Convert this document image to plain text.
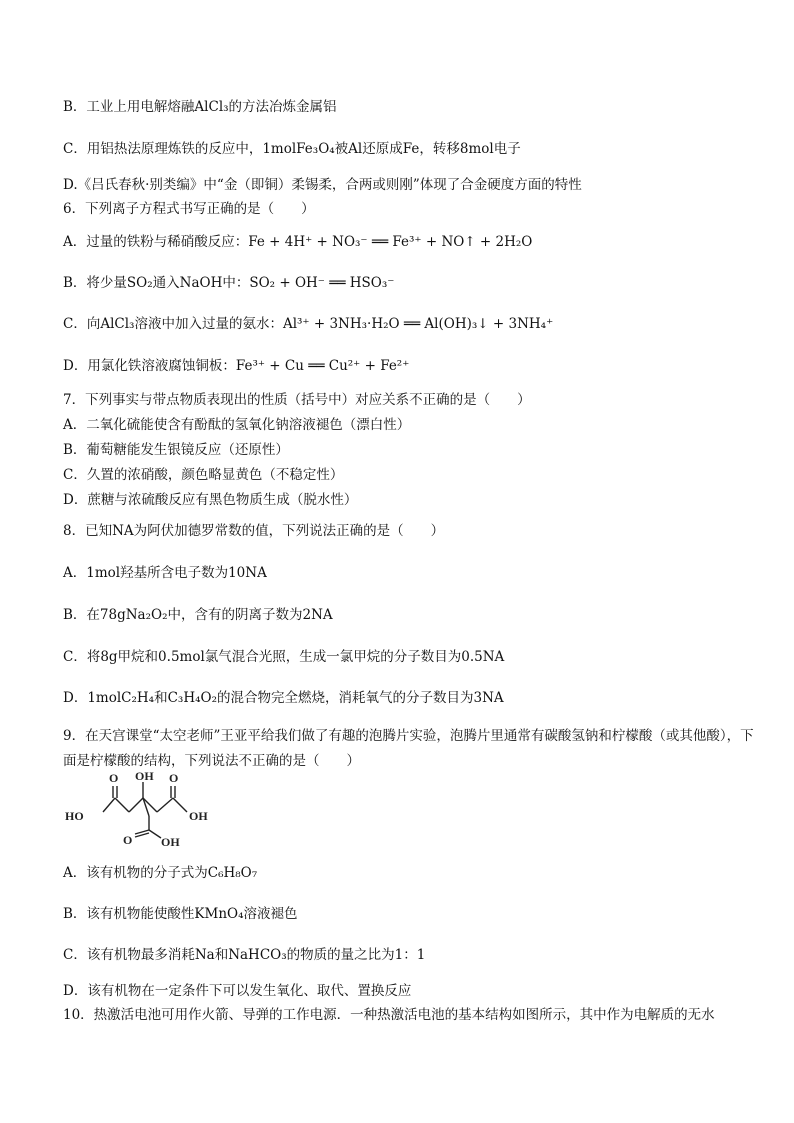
B．工业上用电解熔融AlCl₃的方法冶炼金属铝
C．用铝热法原理炼铁的反应中，1molFe₃O₄被Al还原成Fe，转移8mol电子
D.《吕氏春秋·别类编》中“金（即铜）柔锡柔，合两或则刚”体现了合金硬度方面的特性
6．下列离子方程式书写正确的是（　　）
A．过量的铁粉与稀硝酸反应：Fe + 4H⁺ + NO₃⁻ ══ Fe³⁺ + NO↑ + 2H₂O
B．将少量SO₂通入NaOH中：SO₂ + OH⁻ ══ HSO₃⁻
C．向AlCl₃溶液中加入过量的氨水：Al³⁺ + 3NH₃·H₂O ══ Al(OH)₃↓ + 3NH₄⁺
D．用氯化铁溶液腐蚀铜板：Fe³⁺ + Cu ══ Cu²⁺ + Fe²⁺
7．下列事实与带点物质表现出的性质（括号中）对应关系不正确的是（　　）
A．二氧化硫能使含有酚酞的氢氧化钠溶液褪色（漂白性）
B．葡萄糖能发生银镜反应（还原性）
C．久置的浓硝酸，颜色略显黄色（不稳定性）
D．蔗糖与浓硫酸反应有黑色物质生成（脱水性）
8．已知NA为阿伏加德罗常数的值，下列说法正确的是（　　）
A．1mol羟基所含电子数为10NA
B．在78gNa₂O₂中，含有的阴离子数为2NA
C．将8g甲烷和0.5mol氯气混合光照，生成一氯甲烷的分子数目为0.5NA
D．1molC₂H₄和C₃H₄O₂的混合物完全燃烧，消耗氧气的分子数目为3NA
9．在天宫课堂“太空老师”王亚平给我们做了有趣的泡腾片实验，泡腾片里通常有碳酸氢钠和柠檬酸（或其他酸），下面是柠檬酸的结构，下列说法不正确的是（　　）
OH
O	O
HO	OH
O OH
A．该有机物的分子式为C₆H₈O₇
B．该有机物能使酸性KMnO₄溶液褪色
C．该有机物最多消耗Na和NaHCO₃的物质的量之比为1：1
D．该有机物在一定条件下可以发生氧化、取代、置换反应
10．热激活电池可用作火箭、导弹的工作电源．一种热激活电池的基本结构如图所示，其中作为电解质的无水
